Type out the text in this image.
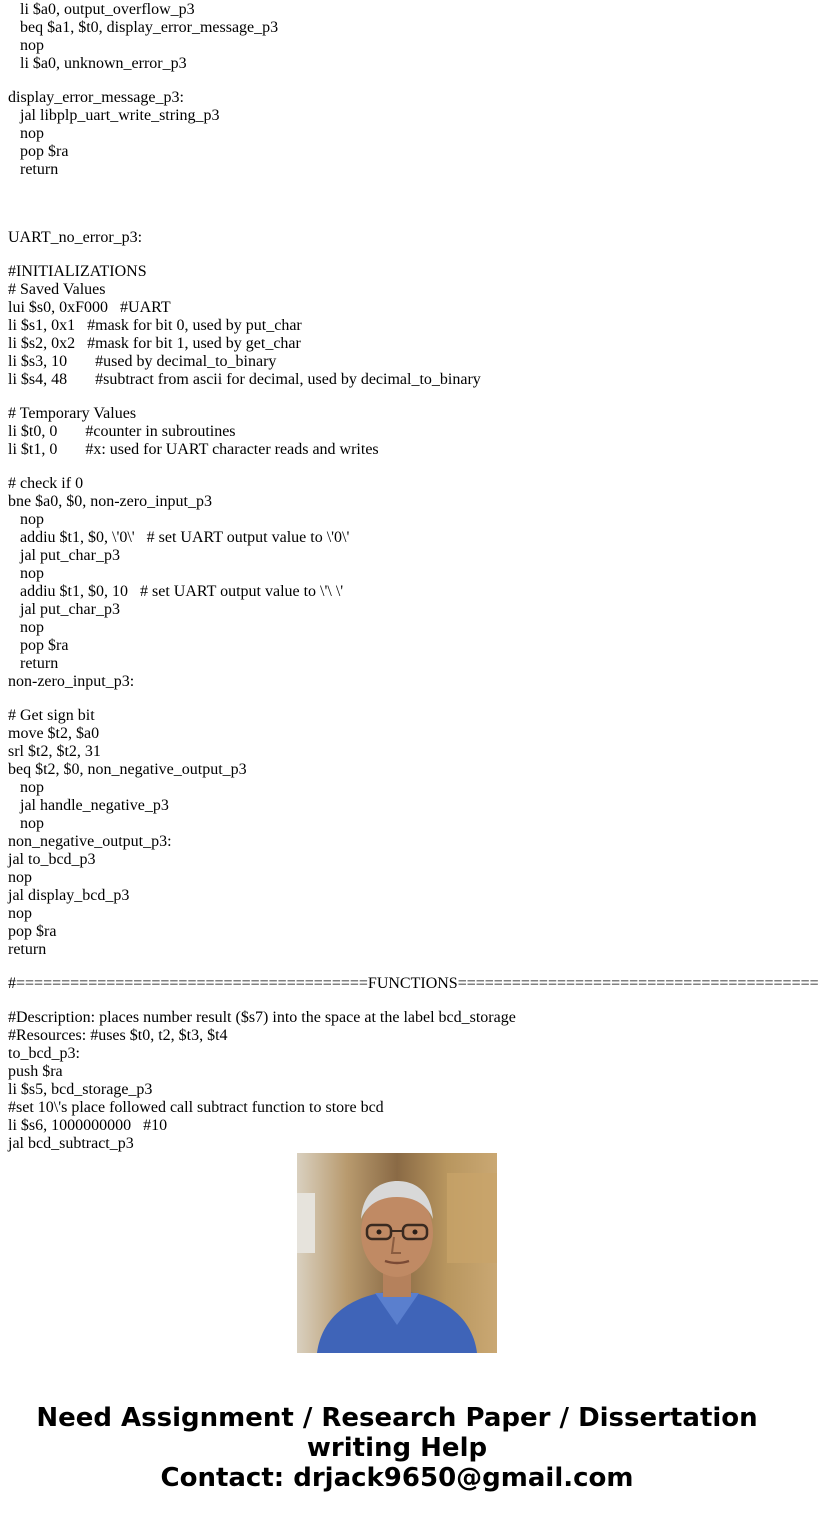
li $a0, output_overflow_p3
beq $a1, $t0, display_error_message_p3
nop
li $a0, unknown_error_p3
display_error_message_p3:
jal libplp_uart_write_string_p3
nop
pop $ra
return
UART_no_error_p3:
#INITIALIZATIONS
# Saved Values
lui $s0, 0xF000   #UART
li $s1, 0x1   #mask for bit 0, used by put_char
li $s2, 0x2   #mask for bit 1, used by get_char
li $s3, 10       #used by decimal_to_binary
li $s4, 48       #subtract from ascii for decimal, used by decimal_to_binary
# Temporary Values
li $t0, 0       #counter in subroutines
li $t1, 0       #x: used for UART character reads and writes
# check if 0
bne $a0, $0, non-zero_input_p3
nop
addiu $t1, $0, \'0\'   # set UART output value to \'0\'
jal put_char_p3
nop
addiu $t1, $0, 10   # set UART output value to \'\ \'
jal put_char_p3
nop
pop $ra
return
non-zero_input_p3:
# Get sign bit
move $t2, $a0
srl $t2, $t2, 31
beq $t2, $0, non_negative_output_p3
nop
jal handle_negative_p3
nop
non_negative_output_p3:
jal to_bcd_p3
nop
jal display_bcd_p3
nop
pop $ra
return
#=======================================FUNCTIONS========================================
#Description: places number result ($s7) into the space at the label bcd_storage
#Resources: #uses $t0, t2, $t3, $t4
to_bcd_p3:
push $ra
li $s5, bcd_storage_p3
#set 10\'s place followed call subtract function to store bcd
li $s6, 1000000000   #10
jal bcd_subtract_p3
Need Assignment / Research Paper / Dissertation
writing Help
Contact: drjack9650@gmail.com
